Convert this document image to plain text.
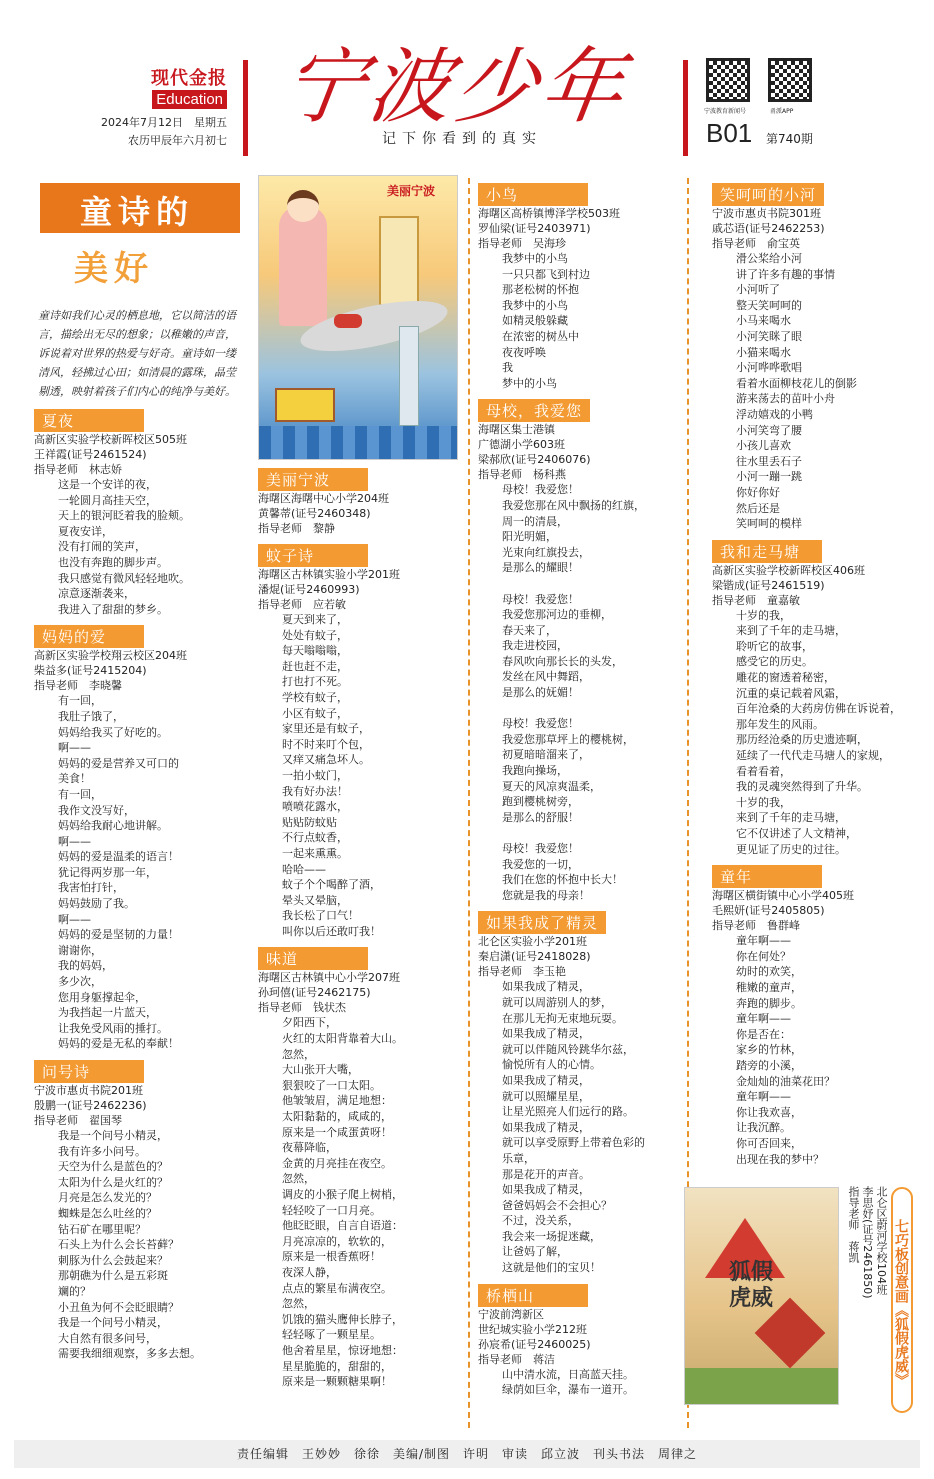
现代金报
Education
2024年7月12日　星期五
农历甲辰年六月初七
宁波少年
记下你看到的真实
宁波教育新闻号	甬派APP
B01 第740期
童诗的
美好
童诗如我们心灵的栖息地，它以简洁的语言，描绘出无尽的想象；以稚嫩的声音，诉说着对世界的热爱与好奇。童诗如一缕清风，轻拂过心田；如清晨的露珠，晶莹剔透，映射着孩子们内心的纯净与美好。
夏夜
高新区实验学校新晖校区505班
王祥霞(证号2461524)
指导老师　林志娇
这是一个安详的夜，
一轮圆月高挂天空，
天上的银河眨着我的脸颊。
夏夜安详，
没有打闹的笑声，
也没有奔跑的脚步声。
我只感觉有微风轻轻地吹。
凉意逐渐袭来，
我进入了甜甜的梦乡。
妈妈的爱
高新区实验学校翔云校区204班
柴益多(证号2415204)
指导老师　李晓馨
有一回，
我肚子饿了，
妈妈给我买了好吃的。
啊——
妈妈的爱是营养又可口的
美食！
有一回，
我作文没写好，
妈妈给我耐心地讲解。
啊——
妈妈的爱是温柔的语言！
犹记得两岁那一年，
我害怕打针，
妈妈鼓励了我。
啊——
妈妈的爱是坚韧的力量！
谢谢你，
我的妈妈，
多少次，
您用身躯撑起伞，
为我挡起一片蓝天，
让我免受风雨的捶打。
妈妈的爱是无私的奉献！
问号诗
宁波市惠贞书院201班
殷鹏一(证号2462236)
指导老师　翟国琴
我是一个问号小精灵，
我有许多小问号。
天空为什么是蓝色的？
太阳为什么是火红的？
月亮是怎么发光的？
蜘蛛是怎么吐丝的？
钻石矿在哪里呢？
石头上为什么会长苔藓？
刺豚为什么会鼓起来？
那朝礁为什么是五彩斑
斓的？
小丑鱼为何不会眨眼睛？
我是一个问号小精灵，
大自然有很多问号，
需要我细细观察，多多去想。
美丽宁波
美丽宁波
海曙区海曙中心小学204班
黄馨蒂(证号2460348)
指导老师　黎静
蚊子诗
海曙区古林镇实验小学201班
潘焜(证号2460993)
指导老师　应若敏
夏天到来了，
处处有蚊子，
每天嗡嗡嗡，
赶也赶不走，
打也打不死。
学校有蚊子，
小区有蚊子，
家里还是有蚊子，
时不时来叮个包，
又痒又痛急坏人。
一拍小蚊门，
我有好办法！
喷喷花露水，
贴贴防蚊贴
不行点蚊香，
一起来熏熏。
哈哈——
蚊子个个喝醉了酒，
晕头又晕脑，
我长松了口气！
叫你以后还敢叮我！
味道
海曙区古林镇中心小学207班
孙珂僖(证号2462175)
指导老师　钱状杰
夕阳西下，
火红的太阳背靠着大山。
忽然，
大山张开大嘴，
狠狠咬了一口太阳。
他皱皱眉，满足地想：
太阳黏黏的，咸咸的，
原来是一个咸蛋黄呀！
夜幕降临，
金黄的月亮挂在夜空。
忽然，
调皮的小猴子爬上树梢，
轻轻咬了一口月亮。
他眨眨眼，自言自语道：
月亮凉凉的，软软的，
原来是一根香蕉呀！
夜深人静，
点点的繁星布满夜空。
忽然，
饥饿的猫头鹰伸长脖子，
轻轻啄了一颗星星。
他舍着星星，惊讶地想：
星星脆脆的，甜甜的，
原来是一颗颗糖果啊！
小鸟
海曙区高桥镇博泽学校503班
罗仙梁(证号2403971)
指导老师　吴海珍
我梦中的小鸟
一只只都飞到村边
那老松树的怀抱
我梦中的小鸟
如精灵般躲藏
在浓密的树丛中
夜夜呼唤
我
梦中的小鸟
母校，我爱您
海曙区集士港镇
广德湖小学603班
梁郝欣(证号2406076)
指导老师　杨科燕
母校！我爱您！
我爱您那在风中飘扬的红旗，
周一的清晨，
阳光明媚，
光束向红旗投去，
是那么的耀眼！
母校！我爱您！
我爱您那河边的垂柳，
春天来了，
我走进校园，
春风吹向那长长的头发，
发丝在风中舞蹈，
是那么的妩媚！
母校！我爱您！
我爱您那草坪上的樱桃树，
初夏暗暗溜来了，
我跑向操场，
夏天的风凉爽温柔，
跑到樱桃树旁，
是那么的舒服！
母校！我爱您！
我爱您的一切，
我们在您的怀抱中长大！
您就是我的母亲！
如果我成了精灵
北仑区实验小学201班
秦启潇(证号2418028)
指导老师　李玉艳
如果我成了精灵，
就可以周游别人的梦，
在那儿无拘无束地玩耍。
如果我成了精灵，
就可以伴随风铃跳华尔兹，
愉悦所有人的心情。
如果我成了精灵，
就可以照耀星星，
让星光照亮人们远行的路。
如果我成了精灵，
就可以享受原野上带着色彩的
乐章，
那是花开的声音。
如果我成了精灵，
爸爸妈妈会不会担心？
不过，没关系，
我会来一场捉迷藏，
让爸妈了解，
这就是他们的宝贝！
桥栖山
宁波前湾新区
世纪城实验小学212班
孙宸希(证号2460025)
指导老师　蒋洁
山中清水流，日高蓝天挂。
绿荫如巨伞，瀑布一道开。
笑呵呵的小河
宁波市惠贞书院301班
戚芯语(证号2462253)
指导老师　俞宝英
滑公桨给小河
讲了许多有趣的事情
小河听了
整天笑呵呵的
小马来喝水
小河笑眯了眼
小猫来喝水
小河哗哗歌唱
看着水面柳枝花儿的倒影
游来荡去的苗叶小舟
浮动嬉戏的小鸭
小河笑弯了腰
小孩儿喜欢
往水里丢石子
小河一蹦一跳
你好你好
然后还是
笑呵呵的模样
我和走马塘
高新区实验学校新晖校区406班
梁锴成(证号2461519)
指导老师　童嘉敏
十岁的我，
来到了千年的走马塘，
聆听它的故事，
感受它的历史。
雕花的窗透着秘密，
沉重的桌记载着风霜，
百年沧桑的大药房仿佛在诉说着，
那年发生的风雨。
那历经沧桑的历史遗迹啊，
延续了一代代走马塘人的家规，
看着看着，
我的灵魂突然得到了升华。
十岁的我，
来到了千年的走马塘，
它不仅讲述了人文精神，
更见证了历史的过往。
童年
海曙区横街镇中心小学405班
毛熙妍(证号2405805)
指导老师　鲁群峰
童年啊——
你在何处？
幼时的欢笑，
稚嫩的童声，
奔跑的脚步。
童年啊——
你是否在：
家乡的竹林，
踏旁的小溪，
金灿灿的油菜花田？
童年啊——
你让我欢喜，
让我沉醉。
你可否回来，
出现在我的梦中？
狐假虎威	七巧板创意画《狐假虎威》
北仑区蔚河学校104班
李思妤(证号2461850)
指导老师　蒋凯
责任编辑　王妙妙　徐徐　美编/制图　许明　审读　邱立波　刊头书法　周律之
